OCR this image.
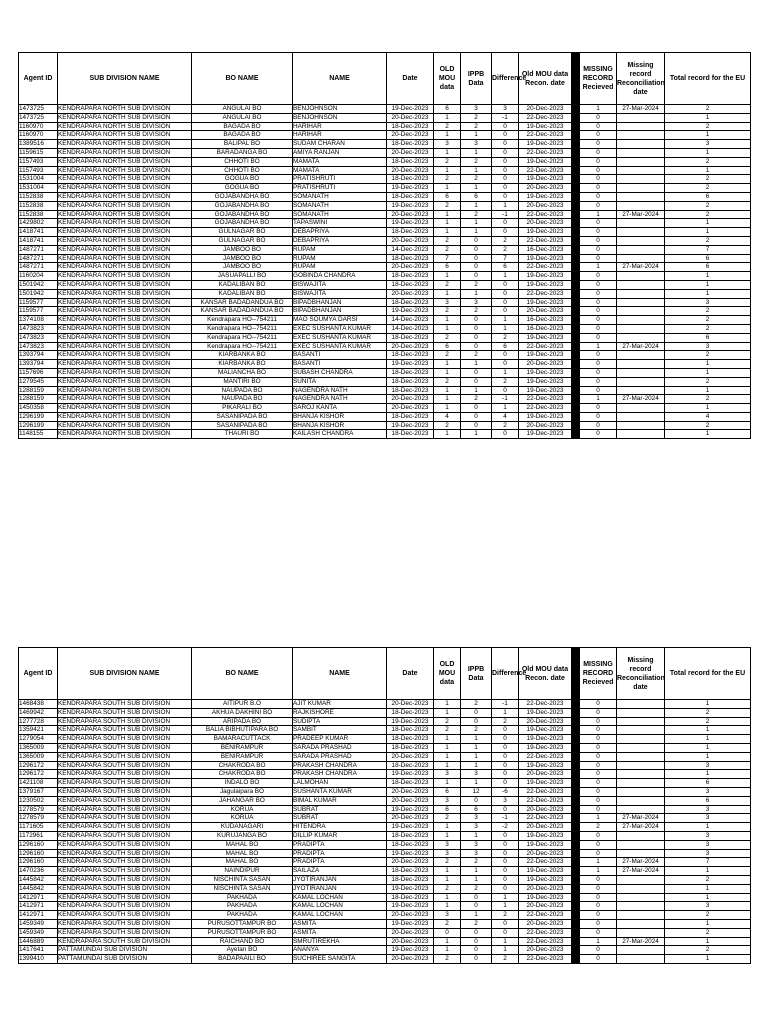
Agent ID	SUB DIVISION NAME	BO NAME	NAME	Date	OLD MOU data	IPPB Data	Difference	Old MOU data Recon. date		MISSING RECORD Recieved	Missing record Reconciliation date	Total record for the EU
1473725	KENDRAPARA NORTH SUB DIVISION	ANGULAI BO	BENJOHNSON	19-Dec-2023	6	3	3	20-Dec-2023		1	27-Mar-2024	2
1473725	KENDRAPARA NORTH SUB DIVISION	ANGULAI BO	BENJOHNSON	20-Dec-2023	1	2	-1	22-Dec-2023		0		1
1160970	KENDRAPARA NORTH SUB DIVISION	BAGADA BO	HARIHAR	18-Dec-2023	2	2	0	19-Dec-2023		0		2
1160970	KENDRAPARA NORTH SUB DIVISION	BAGADA BO	HARIHAR	20-Dec-2023	1	1	0	22-Dec-2023		0		1
1389516	KENDRAPARA NORTH SUB DIVISION	BALIPAL BO	SUDAM CHARAN	18-Dec-2023	3	3	0	19-Dec-2023		0		3
1159615	KENDRAPARA NORTH SUB DIVISION	BARADANGA BO	AMIYA RANJAN	20-Dec-2023	1	1	0	22-Dec-2023		0		1
1157493	KENDRAPARA NORTH SUB DIVISION	CHHOTI BO	MAMATA	18-Dec-2023	2	2	0	19-Dec-2023		0		2
1157493	KENDRAPARA NORTH SUB DIVISION	CHHOTI BO	MAMATA	20-Dec-2023	1	1	0	22-Dec-2023		0		1
1531004	KENDRAPARA NORTH SUB DIVISION	GOGUA BO	PRATISHRUTI	18-Dec-2023	2	2	0	19-Dec-2023		0		2
1531004	KENDRAPARA NORTH SUB DIVISION	GOGUA BO	PRATISHRUTI	19-Dec-2023	1	1	0	20-Dec-2023		0		2
1152838	KENDRAPARA NORTH SUB DIVISION	GOJABANDHA BO	SOMANATH	18-Dec-2023	6	6	0	19-Dec-2023		0		6
1152838	KENDRAPARA NORTH SUB DIVISION	GOJABANDHA BO	SOMANATH	19-Dec-2023	2	1	1	20-Dec-2023		0		2
1152838	KENDRAPARA NORTH SUB DIVISION	GOJABANDHA BO	SOMANATH	20-Dec-2023	1	2	-1	22-Dec-2023		1	27-Mar-2024	2
1429802	KENDRAPARA NORTH SUB DIVISION	GOJABANDHA BO	TAPASWINI	19-Dec-2023	1	1	0	20-Dec-2023		0		1
1418741	KENDRAPARA NORTH SUB DIVISION	GULNAGAR BO	DEBAPRIYA	18-Dec-2023	1	1	0	19-Dec-2023		0		1
1418741	KENDRAPARA NORTH SUB DIVISION	GULNAGAR BO	DEBAPRIYA	20-Dec-2023	2	0	2	22-Dec-2023		0		2
1487271	KENDRAPARA NORTH SUB DIVISION	JAMBOO BO	RUPAM	14-Dec-2023	2	0	2	16-Dec-2023		0		7
1487271	KENDRAPARA NORTH SUB DIVISION	JAMBOO BO	RUPAM	18-Dec-2023	7	0	7	19-Dec-2023		0		6
1487271	KENDRAPARA NORTH SUB DIVISION	JAMBOO BO	RUPAM	20-Dec-2023	6	0	6	22-Dec-2023		1	27-Mar-2024	6
1160204	KENDRAPARA NORTH SUB DIVISION	JASUAPALLI BO	GOBINDA CHANDRA	18-Dec-2023	1	0	1	19-Dec-2023		0		1
1501942	KENDRAPARA NORTH SUB DIVISION	KADALIBAN BO	BISWAJITA	18-Dec-2023	2	2	0	19-Dec-2023		0		1
1501942	KENDRAPARA NORTH SUB DIVISION	KADALIBAN BO	BISWAJITA	20-Dec-2023	1	1	0	22-Dec-2023		0		1
1159577	KENDRAPARA NORTH SUB DIVISION	KANSAR BADADANDUA BO	BIPADBHANJAN	18-Dec-2023	3	3	0	19-Dec-2023		0		3
1159577	KENDRAPARA NORTH SUB DIVISION	KANSAR BADADANDUA BO	BIPADBHANJAN	19-Dec-2023	2	2	0	20-Dec-2023		0		2
1374108	KENDRAPARA NORTH SUB DIVISION	Kendrapara HO--754211	MAO SOUMYA DARSI	14-Dec-2023	1	0	1	16-Dec-2023		0		2
1473823	KENDRAPARA NORTH SUB DIVISION	Kendrapara HO--754211	EXEC SUSHANTA KUMAR	14-Dec-2023	1	0	1	16-Dec-2023		0		2
1473823	KENDRAPARA NORTH SUB DIVISION	Kendrapara HO--754211	EXEC SUSHANTA KUMAR	18-Dec-2023	2	0	2	19-Dec-2023		0		6
1473823	KENDRAPARA NORTH SUB DIVISION	Kendrapara HO--754211	EXEC SUSHANTA KUMAR	20-Dec-2023	6	0	6	22-Dec-2023		1	27-Mar-2024	3
1393794	KENDRAPARA NORTH SUB DIVISION	KIARBANKA BO	BASANTI	18-Dec-2023	2	2	0	19-Dec-2023		0		2
1393794	KENDRAPARA NORTH SUB DIVISION	KIARBANKA BO	BASANTI	19-Dec-2023	1	1	0	20-Dec-2023		0		1
1157696	KENDRAPARA NORTH SUB DIVISION	MALIANCHA BO	SUBASH CHANDRA	18-Dec-2023	1	0	1	19-Dec-2023		0		1
1279545	KENDRAPARA NORTH SUB DIVISION	MANTIRI BO	SUNITA	18-Dec-2023	2	0	2	19-Dec-2023		0		2
1288159	KENDRAPARA NORTH SUB DIVISION	NAUPADA BO	NAGENDRA NATH	18-Dec-2023	1	1	0	19-Dec-2023		0		1
1288159	KENDRAPARA NORTH SUB DIVISION	NAUPADA BO	NAGENDRA NATH	20-Dec-2023	1	2	-1	22-Dec-2023		1	27-Mar-2024	2
1450358	KENDRAPARA NORTH SUB DIVISION	PIKARALI BO	SAROJ KANTA	20-Dec-2023	1	0	1	22-Dec-2023		0		1
1296199	KENDRAPARA NORTH SUB DIVISION	SASANIPADA BO	BHANJA KISHOR	18-Dec-2023	4	0	4	19-Dec-2023		0		4
1296199	KENDRAPARA NORTH SUB DIVISION	SASANIPADA BO	BHANJA KISHOR	19-Dec-2023	2	0	2	20-Dec-2023		0		2
1148155	KENDRAPARA NORTH SUB DIVISION	THAURI BO	KAILASH CHANDRA	18-Dec-2023	1	1	0	19-Dec-2023		0		1
Agent ID	SUB DIVISION NAME	BO NAME	NAME	Date	OLD MOU data	IPPB Data	Difference	Old MOU data Recon. date		MISSING RECORD Recieved	Missing record Reconciliation date	Total record for the EU
1468438	KENDRAPARA SOUTH SUB DIVISION	AITIPUR B.O	AJIT KUMAR	20-Dec-2023	1	2	-1	22-Dec-2023		0		1
1469942	KENDRAPARA SOUTH SUB DIVISION	AKHUA DAKHINI BO	RAJKISHORE	18-Dec-2023	1	0	1	19-Dec-2023		0		2
1277728	KENDRAPARA SOUTH SUB DIVISION	ARIPADA BO	SUDIPTA	19-Dec-2023	2	0	2	20-Dec-2023		0		2
1359421	KENDRAPARA SOUTH SUB DIVISION	BALIA BIBHUTIPARA BO	SAMBIT	18-Dec-2023	2	2	0	19-Dec-2023		0		1
1279054	KENDRAPARA SOUTH SUB DIVISION	BAMARACUTTACK	PRADEEP KUMAR	18-Dec-2023	1	1	0	19-Dec-2023		0		1
1365009	KENDRAPARA SOUTH SUB DIVISION	BENIRAMPUR	SARADA PRASHAD	18-Dec-2023	1	1	0	19-Dec-2023		0		1
1365009	KENDRAPARA SOUTH SUB DIVISION	BENIRAMPUR	SARADA PRASHAD	20-Dec-2023	1	1	0	22-Dec-2023		0		1
1296172	KENDRAPARA SOUTH SUB DIVISION	CHAKRODA BO	PRAKASH CHANDRA	18-Dec-2023	1	1	0	19-Dec-2023		0		3
1296172	KENDRAPARA SOUTH SUB DIVISION	CHAKRODA BO	PRAKASH CHANDRA	19-Dec-2023	3	3	0	20-Dec-2023		0		1
1421108	KENDRAPARA SOUTH SUB DIVISION	INDALO BO	LALMOHAN	18-Dec-2023	1	1	0	19-Dec-2023		0		6
1379167	KENDRAPARA SOUTH SUB DIVISION	Jagulaipara BO	SUSHANTA KUMAR	20-Dec-2023	6	12	-6	22-Dec-2023		0		3
1230502	KENDRAPARA SOUTH SUB DIVISION	JAHANGAR BO	BIMAL KUMAR	20-Dec-2023	3	0	3	22-Dec-2023		0		6
1278579	KENDRAPARA SOUTH SUB DIVISION	KORUA	SUBRAT	19-Dec-2023	6	6	0	20-Dec-2023		0		3
1278579	KENDRAPARA SOUTH SUB DIVISION	KORUA	SUBRAT	20-Dec-2023	2	3	-1	22-Dec-2023		1	27-Mar-2024	3
1171605	KENDRAPARA SOUTH SUB DIVISION	KUDANAGARI	HITENDRA	19-Dec-2023	1	3	-2	20-Dec-2023		2	27-Mar-2024	1
1172961	KENDRAPARA SOUTH SUB DIVISION	KURUJANGA BO	DILLIP KUMAR	18-Dec-2023	1	1	0	19-Dec-2023		0		3
1296160	KENDRAPARA SOUTH SUB DIVISION	MAHAL BO	PRADIPTA	18-Dec-2023	3	3	0	19-Dec-2023		0		3
1296160	KENDRAPARA SOUTH SUB DIVISION	MAHAL BO	PRADIPTA	19-Dec-2023	3	3	0	20-Dec-2023		0		3
1296160	KENDRAPARA SOUTH SUB DIVISION	MAHAL BO	PRADIPTA	20-Dec-2023	2	2	0	22-Dec-2023		1	27-Mar-2024	7
1470236	KENDRAPARA SOUTH SUB DIVISION	NAINDIPUR	SAILAZA	18-Dec-2023	1	1	0	19-Dec-2023		1	27-Mar-2024	1
1445842	KENDRAPARA SOUTH SUB DIVISION	NISCHINTA SASAN	JYOTIRANJAN	18-Dec-2023	1	1	0	19-Dec-2023		0		2
1445842	KENDRAPARA SOUTH SUB DIVISION	NISCHINTA SASAN	JYOTIRANJAN	19-Dec-2023	2	2	0	20-Dec-2023		0		1
1412971	KENDRAPARA SOUTH SUB DIVISION	PAKHADA	KAMAL LOCHAN	18-Dec-2023	1	0	1	19-Dec-2023		0		1
1412971	KENDRAPARA SOUTH SUB DIVISION	PAKHADA	KAMAL LOCHAN	19-Dec-2023	1	0	1	20-Dec-2023		0		3
1412971	KENDRAPARA SOUTH SUB DIVISION	PAKHADA	KAMAL LOCHAN	20-Dec-2023	3	1	2	22-Dec-2023		0		2
1459349	KENDRAPARA SOUTH SUB DIVISION	PURUSOTTAMPUR BO	ASMITA	19-Dec-2023	2	2	0	20-Dec-2023		0		1
1459349	KENDRAPARA SOUTH SUB DIVISION	PURUSOTTAMPUR BO	ASMITA	20-Dec-2023	0	0	0	22-Dec-2023		0		2
1446889	KENDRAPARA SOUTH SUB DIVISION	RAICHAND BO	SMRUTIREKHA	20-Dec-2023	1	0	1	22-Dec-2023		1	27-Mar-2024	1
1417641	PATTAMUNDAI SUB DIVISION	Ayetan BO	ANANYA	19-Dec-2023	1	0	1	20-Dec-2023		0		2
1399410	PATTAMUNDAI SUB DIVISION	BADAPAAILI BO	SUCHIREE SANGITA	20-Dec-2023	2	0	2	22-Dec-2023		0		1
